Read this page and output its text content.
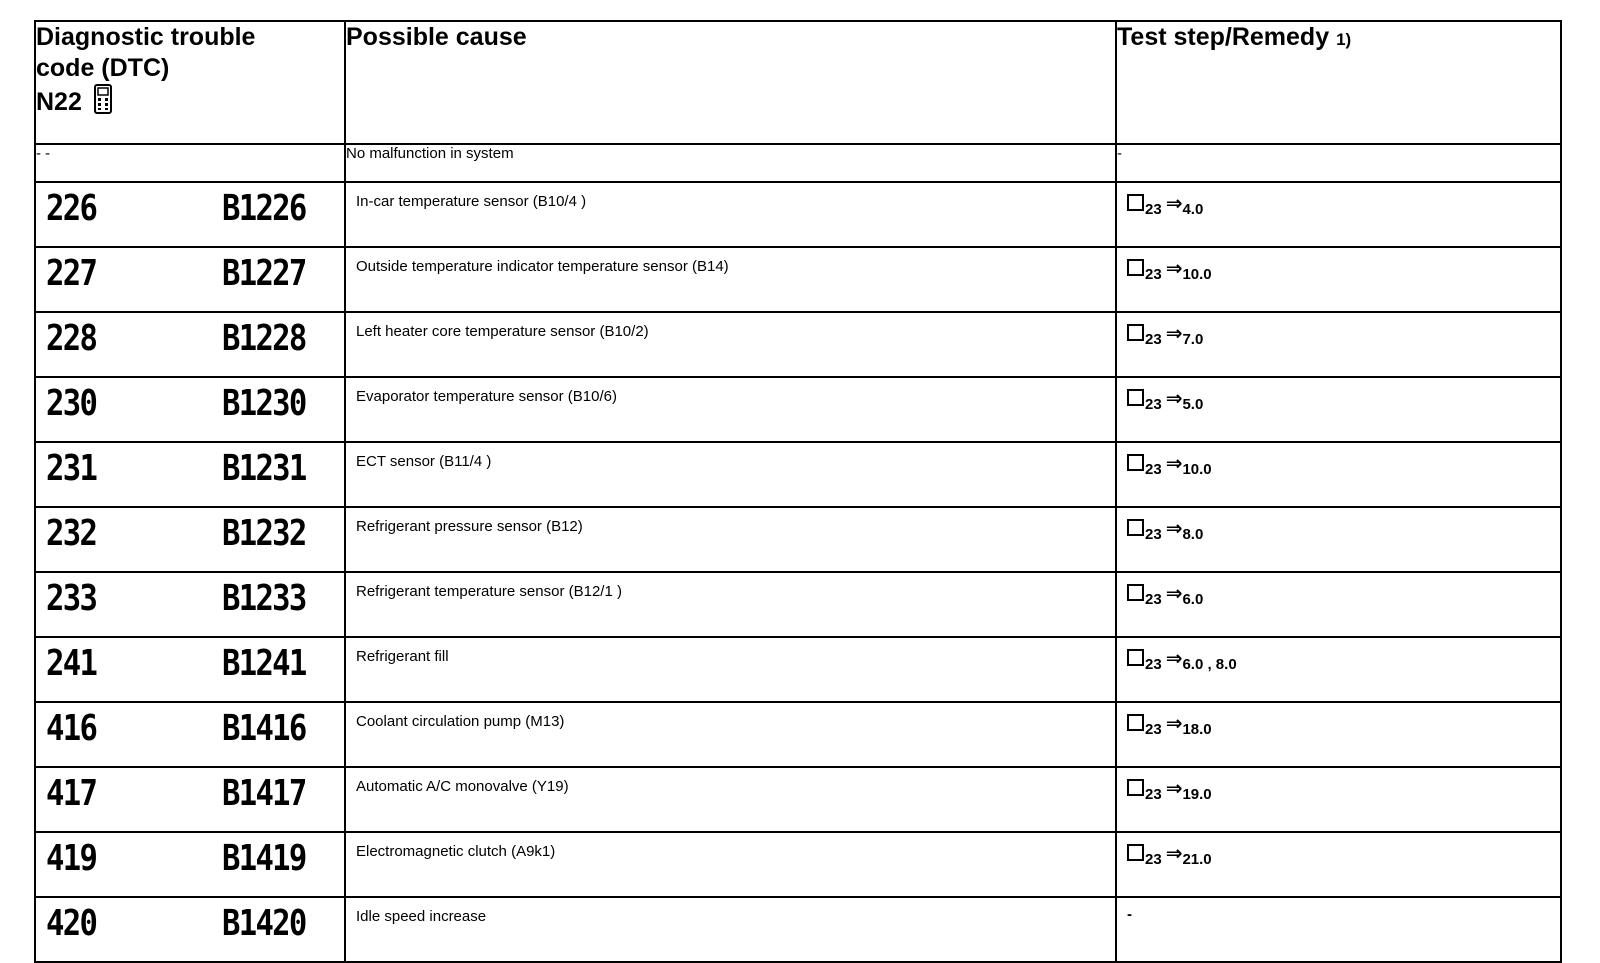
Diagnostic trouble
code (DTC)
N22	Possible cause	Test step/Remedy 1)
- -	No malfunction in system	-

226 B1226	In-car temperature sensor (B10/4 )	23 ⇒4.0

227 B1227	Outside temperature indicator temperature sensor (B14)	23 ⇒10.0

228 B1228	Left heater core temperature sensor (B10/2)	23 ⇒7.0

230 B1230	Evaporator temperature sensor (B10/6)	23 ⇒5.0

231 B1231	ECT sensor (B11/4 )	23 ⇒10.0

232 B1232	Refrigerant pressure sensor (B12)	23 ⇒8.0

233 B1233	Refrigerant temperature sensor (B12/1 )	23 ⇒6.0

241 B1241	Refrigerant fill	23 ⇒6.0 , 8.0

416 B1416	Coolant circulation pump (M13)	23 ⇒18.0

417 B1417	Automatic A/C monovalve (Y19)	23 ⇒19.0

419 B1419	Electromagnetic clutch (A9k1)	23 ⇒21.0

420 B1420	Idle speed increase	-
